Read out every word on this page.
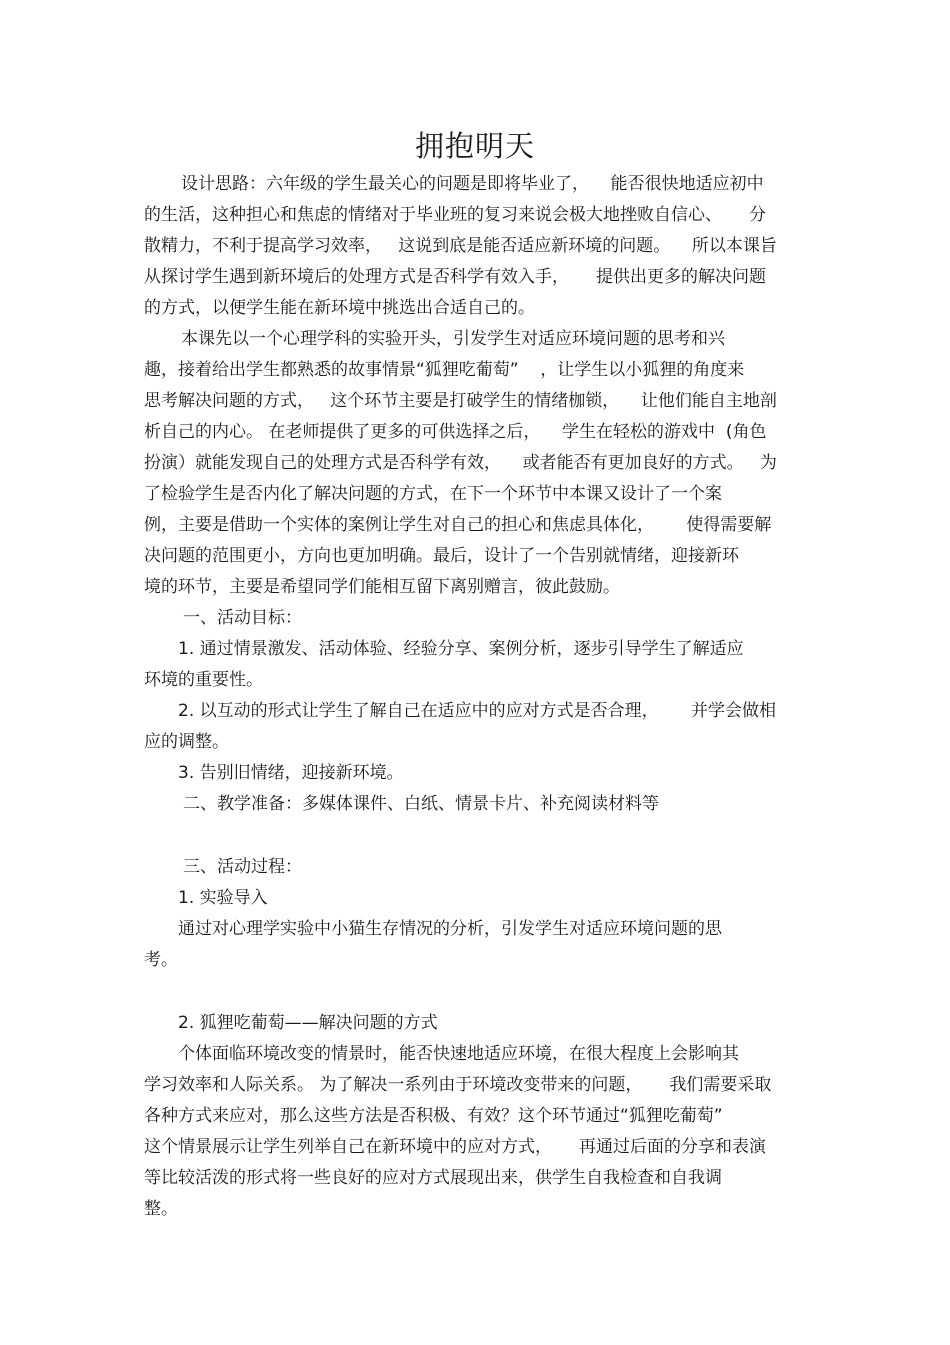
拥抱明天
设计思路：六年级的学生最关心的问题是即将毕业了，    能否很快地适应初中
的生活，这种担心和焦虑的情绪对于毕业班的复习来说会极大地挫败自信心、     分
散精力，不利于提高学习效率，   这说到底是能否适应新环境的问题。    所以本课旨
从探讨学生遇到新环境后的处理方式是否科学有效入手，     提供出更多的解决问题
的方式，以便学生能在新环境中挑选出合适自己的。
本课先以一个心理学科的实验开头，引发学生对适应环境问题的思考和兴
趣，接着给出学生都熟悉的故事情景“狐狸吃葡萄”    ，让学生以小狐狸的角度来
思考解决问题的方式，   这个环节主要是打破学生的情绪枷锁，    让他们能自主地剖
析自己的内心。 在老师提供了更多的可供选择之后，    学生在轻松的游戏中  (角色
扮演）就能发现自己的处理方式是否科学有效，    或者能否有更加良好的方式。   为
了检验学生是否内化了解决问题的方式，在下一个环节中本课又设计了一个案
例，主要是借助一个实体的案例让学生对自己的担心和焦虑具体化，      使得需要解
决问题的范围更小，方向也更加明确。最后，设计了一个告别就情绪，迎接新环
境的环节，主要是希望同学们能相互留下离别赠言，彼此鼓励。
一、活动目标：
1. 通过情景激发、活动体验、经验分享、案例分析，逐步引导学生了解适应
环境的重要性。
2. 以互动的形式让学生了解自己在适应中的应对方式是否合理，      并学会做相
应的调整。
3. 告别旧情绪，迎接新环境。
二、教学准备：多媒体课件、白纸、情景卡片、补充阅读材料等
三、活动过程：
1. 实验导入
通过对心理学实验中小猫生存情况的分析，引发学生对适应环境问题的思
考。
2. 狐狸吃葡萄——解决问题的方式
个体面临环境改变的情景时，能否快速地适应环境，在很大程度上会影响其
学习效率和人际关系。 为了解决一系列由于环境改变带来的问题，     我们需要采取
各种方式来应对，那么这些方法是否积极、有效？这个环节通过“狐狸吃葡萄”
这个情景展示让学生列举自己在新环境中的应对方式，     再通过后面的分享和表演
等比较活泼的形式将一些良好的应对方式展现出来，供学生自我检查和自我调
整。
